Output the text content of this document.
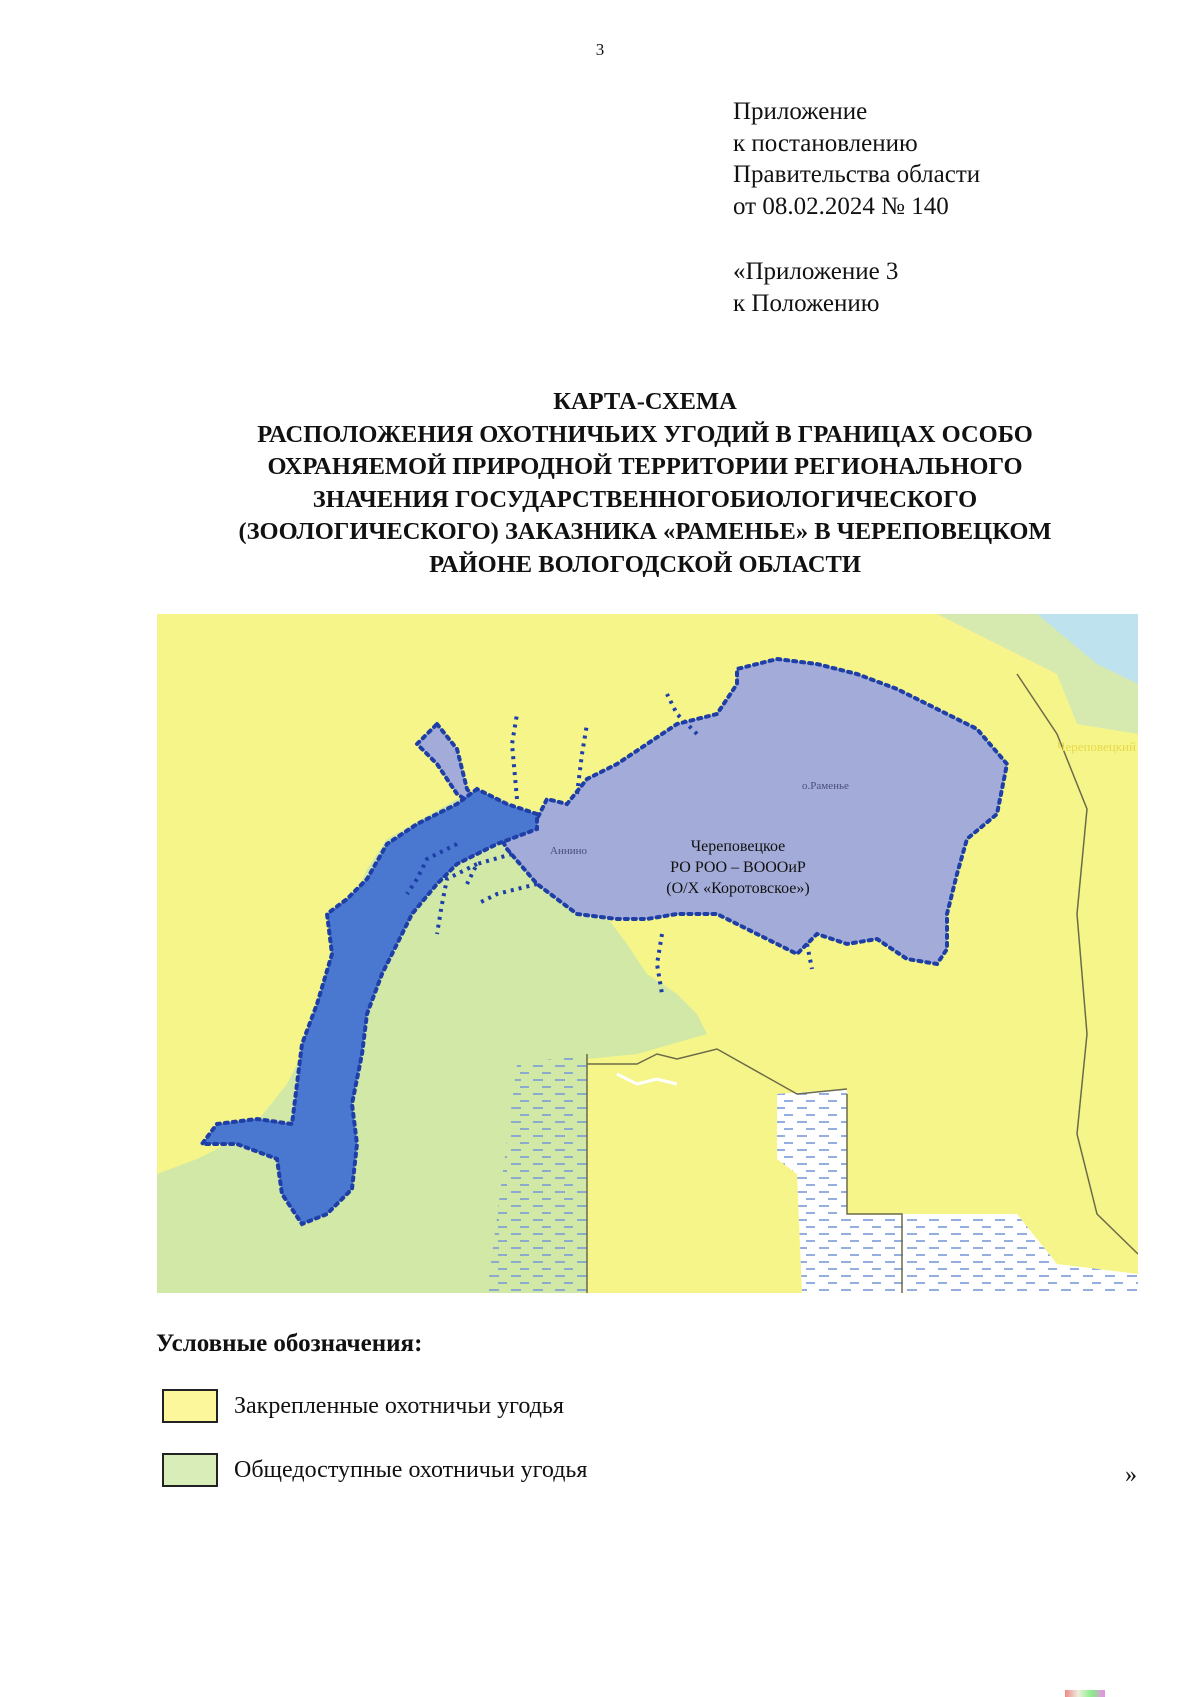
3
Приложение
к постановлению
Правительства области
от 08.02.2024 № 140
«Приложение 3
к Положению
КАРТА-СХЕМА
РАСПОЛОЖЕНИЯ ОХОТНИЧЬИХ УГОДИЙ В ГРАНИЦАХ ОСОБО
ОХРАНЯЕМОЙ ПРИРОДНОЙ ТЕРРИТОРИИ РЕГИОНАЛЬНОГО
ЗНАЧЕНИЯ ГОСУДАРСТВЕННОГОБИОЛОГИЧЕСКОГО
(ЗООЛОГИЧЕСКОГО) ЗАКАЗНИКА «РАМЕНЬЕ» В ЧЕРЕПОВЕЦКОМ
РАЙОНЕ ВОЛОГОДСКОЙ ОБЛАСТИ
о.Раменье
Аннино
Череповецкий
Череповецкое
РО РОО – ВОООиР
(О/Х «Коротовское»)
Условные обозначения:
Закрепленные охотничьи угодья
Общедоступные охотничьи угодья	»
